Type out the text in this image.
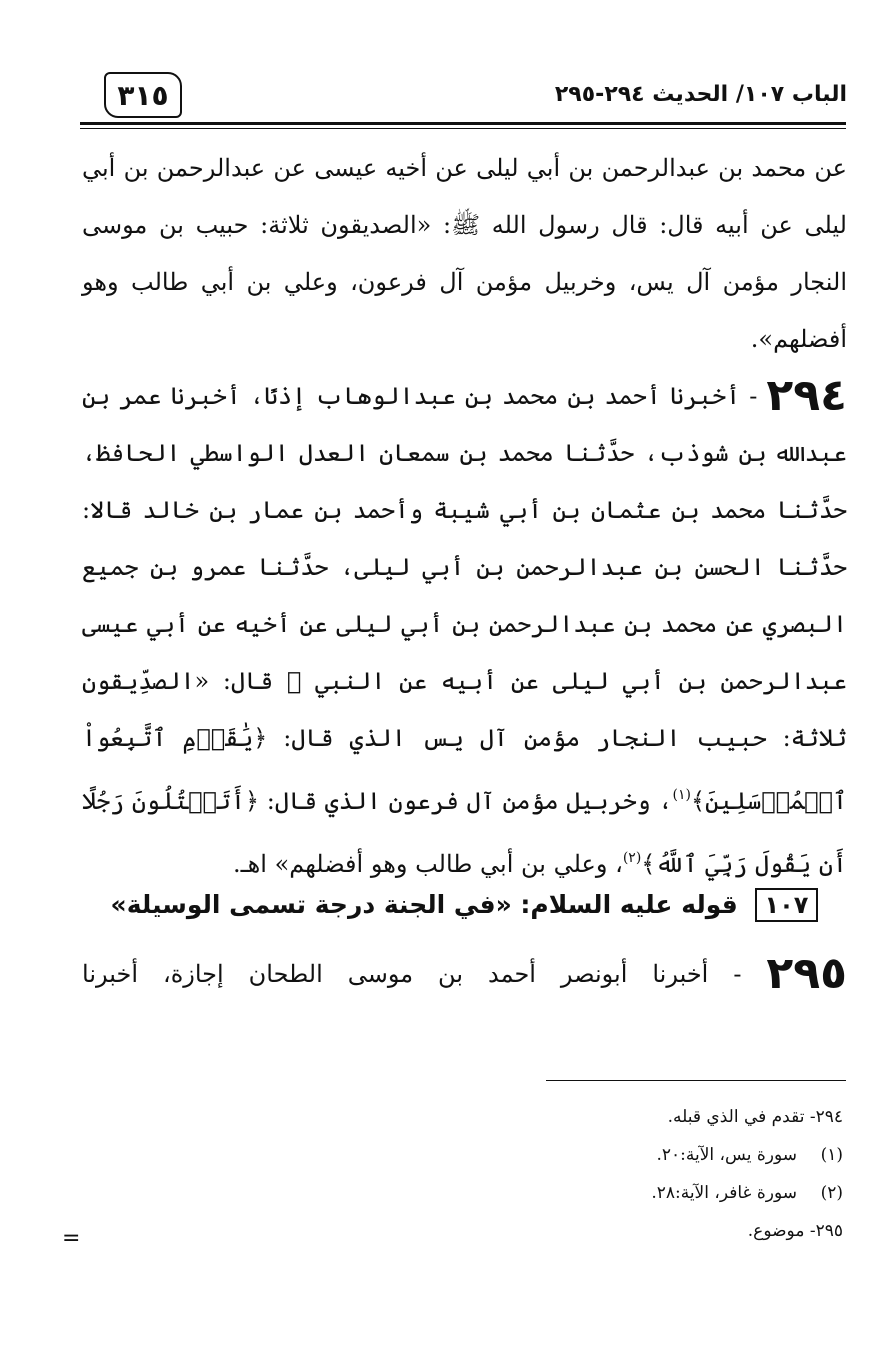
الباب ١٠٧/ الحديث ٢٩٤-٢٩٥
٣١٥

عن محمد بن عبدالرحمن بن أبي ليلى عن أخيه عيسى عن عبدالرحمن بن أبي ليلى عن أبيه قال: قال رسول الله ﷺ: «الصديقون ثلاثة: حبيب بن موسى النجار مؤمن آل يس، وخربيل مؤمن آل فرعون، وعلي بن أبي طالب وهو أفضلهم».

٢٩٤ - أخبرنا أحمد بن محمد بن عبدالوهاب إذنًا، أخبرنا عمر بن عبدالله بن شوذب، حدَّثنا محمد بن سمعان العدل الواسطي الحافظ، حدَّثنا محمد بن عثمان بن أبي شيبة وأحمد بن عمار بن خالد قالا: حدَّثنا الحسن بن عبدالرحمن بن أبي ليلى، حدَّثنا عمرو بن جميع البصري عن محمد بن عبدالرحمن بن أبي ليلى عن أخيه عن أبي عيسى عبدالرحمن بن أبي ليلى عن أبيه عن النبي ﷺ قال: «الصدِّيقون ثلاثة: حبيب النجار مؤمن آل يس الذي قال: ﴿يَٰقَوۡمِ ٱتَّبِعُواْ ٱلۡمُرۡسَلِينَ﴾$^{(١)}$، وخربيل مؤمن آل فرعون الذي قال: ﴿أَتَقۡتُلُونَ رَجُلًا أَن يَقُولَ رَبِّيَ ٱللَّهُ﴾$^{(٢)}$، وعلي بن أبي طالب وهو أفضلهم» اهـ.

١٠٧ قوله عليه السلام: «في الجنة درجة تسمى الوسيلة»
٢٩٥ - أخبرنا أبونصر أحمد بن موسى الطحان إجازة، أخبرنا
٢٩٤- تقدم في الذي قبله.
(١)سورة يس، الآية:٢٠.
(٢)سورة غافر، الآية:٢٨.
٢٩٥- موضوع.
=
